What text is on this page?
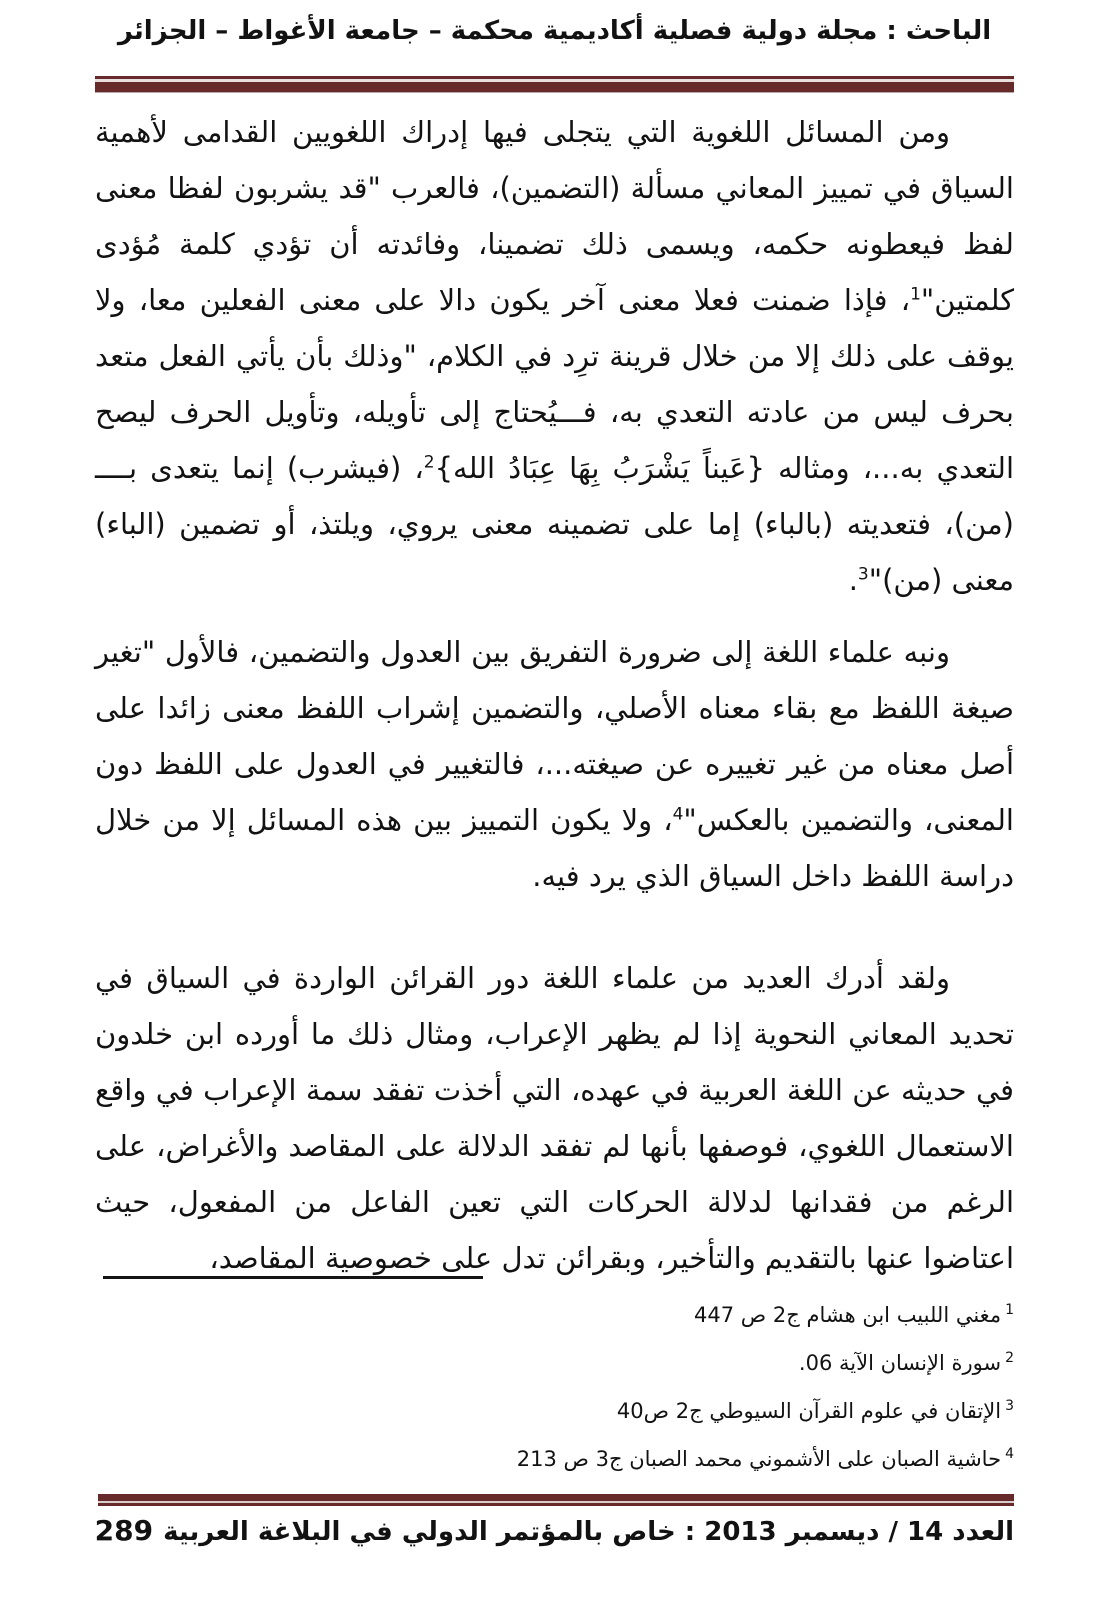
الباحث : مجلة دولية فصلية أكاديمية محكمة – جامعة الأغواط – الجزائر

ومن المسائل اللغوية التي يتجلى فيها إدراك اللغويين القدامى لأهمية السياق في تمييز المعاني مسألة (التضمين)، فالعرب "قد يشربون لفظا معنى لفظ فيعطونه حكمه، ويسمى ذلك تضمينا، وفائدته أن تؤدي كلمة مُؤدى كلمتين"$^1$، فإذا ضمنت فعلا معنى آخر يكون دالا على معنى الفعلين معا، ولا يوقف على ذلك إلا من خلال قرينة ترِد في الكلام، "وذلك بأن يأتي الفعل متعد بحرف ليس من عادته التعدي به، فـــيُحتاج إلى تأويله، وتأويل الحرف ليصح التعدي به...، ومثاله {عَيناً يَشْرَبُ بِهَا عِبَادُ الله}$^2$، (فيشرب) إنما يتعدى بــــ (من)، فتعديته (بالباء) إما على تضمينه معنى يروي، ويلتذ، أو تضمين (الباء) معنى (من)"$^3$.

ونبه علماء اللغة إلى ضرورة التفريق بين العدول والتضمين، فالأول "تغير صيغة اللفظ مع بقاء معناه الأصلي، والتضمين إشراب اللفظ معنى زائدا على أصل معناه من غير تغييره عن صيغته...، فالتغيير في العدول على اللفظ دون المعنى، والتضمين بالعكس"$^4$، ولا يكون التمييز بين هذه المسائل إلا من خلال دراسة اللفظ داخل السياق الذي يرد فيه.

ولقد أدرك العديد من علماء اللغة دور القرائن الواردة في السياق في تحديد المعاني النحوية إذا لم يظهر الإعراب، ومثال ذلك ما أورده ابن خلدون في حديثه عن اللغة العربية في عهده، التي أخذت تفقد سمة الإعراب في واقع الاستعمال اللغوي، فوصفها بأنها لم تفقد الدلالة على المقاصد والأغراض، على الرغم من فقدانها لدلالة الحركات التي تعين الفاعل من المفعول، حيث اعتاضوا عنها بالتقديم والتأخير، وبقرائن تدل على خصوصية المقاصد،

$^1$مغني اللبيب ابن هشام ج2 ص 447
$^2$سورة الإنسان الآية 06.
$^3$الإتقان في علوم القرآن السيوطي ج2 ص40
$^4$حاشية الصبان على الأشموني محمد الصبان ج3 ص 213
العدد 14 / ديسمبر 2013 : خاص بالمؤتمر الدولي في البلاغة العربية
289
